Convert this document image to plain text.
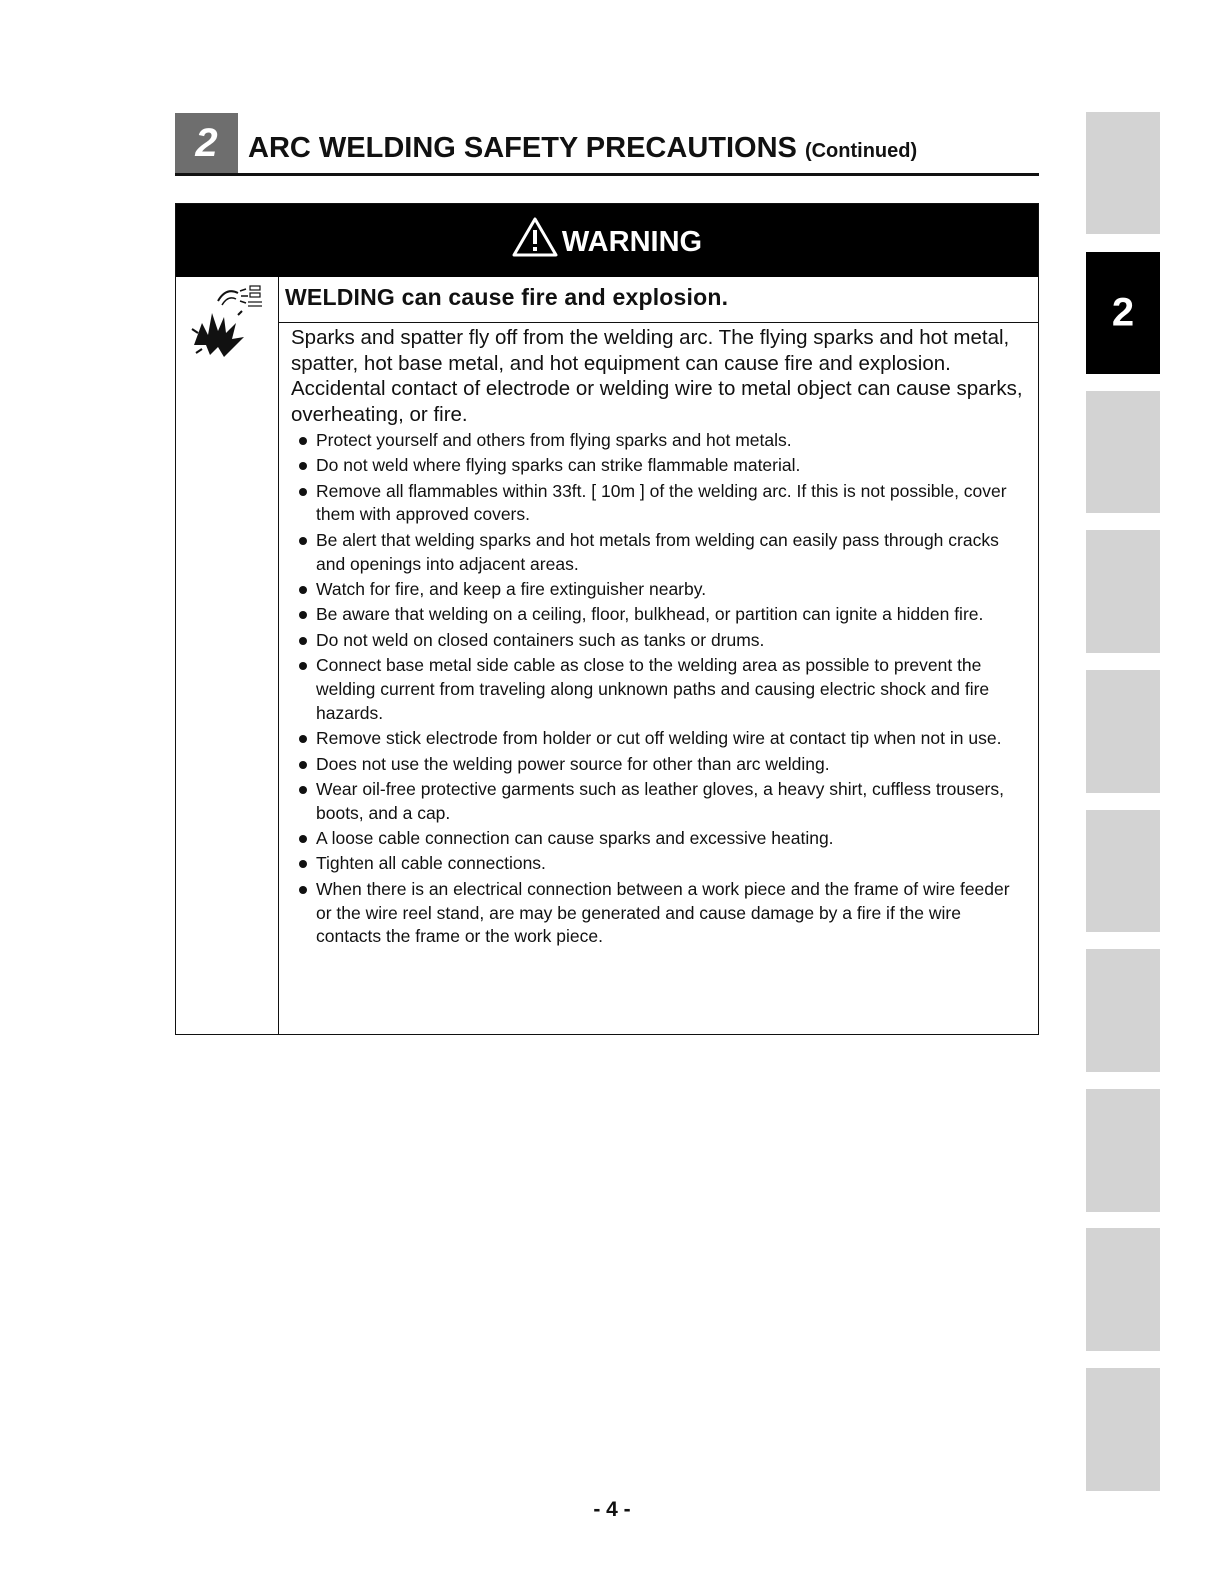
2	ARC WELDING SAFETY PRECAUTIONS (Continued)
2
WARNING
WELDING can cause fire and explosion.

Sparks and spatter fly off from the welding arc. The flying sparks and hot metal, spatter, hot base metal, and hot equipment can cause fire and explosion.

Accidental contact of electrode or welding wire to metal object can cause sparks, overheating, or fire.

Protect yourself and others from flying sparks and hot metals.
Do not weld where flying sparks can strike flammable material.
Remove all flammables within 33ft. [ 10m ] of the welding arc. If this is not possible, cover them with approved covers.
Be alert that welding sparks and hot metals from welding can easily pass through cracks and openings into adjacent areas.
Watch for fire, and keep a fire extinguisher nearby.
Be aware that welding on a ceiling, floor, bulkhead, or partition can ignite a hidden fire.
Do not weld on closed containers such as tanks or drums.
Connect base metal side cable as close to the welding area as possible to prevent the welding current from traveling along unknown paths and causing electric shock and fire hazards.
Remove stick electrode from holder or cut off welding wire at contact tip when not in use.
Does not use the welding power source for other than arc welding.
Wear oil-free protective garments such as leather gloves, a heavy shirt, cuffless trousers, boots, and a cap.
A loose cable connection can cause sparks and excessive heating.
Tighten all cable connections.
When there is an electrical connection between a work piece and the frame of wire feeder or the wire reel stand, are may be generated and cause damage by a fire if the wire contacts the frame or the work piece.
- 4 -
